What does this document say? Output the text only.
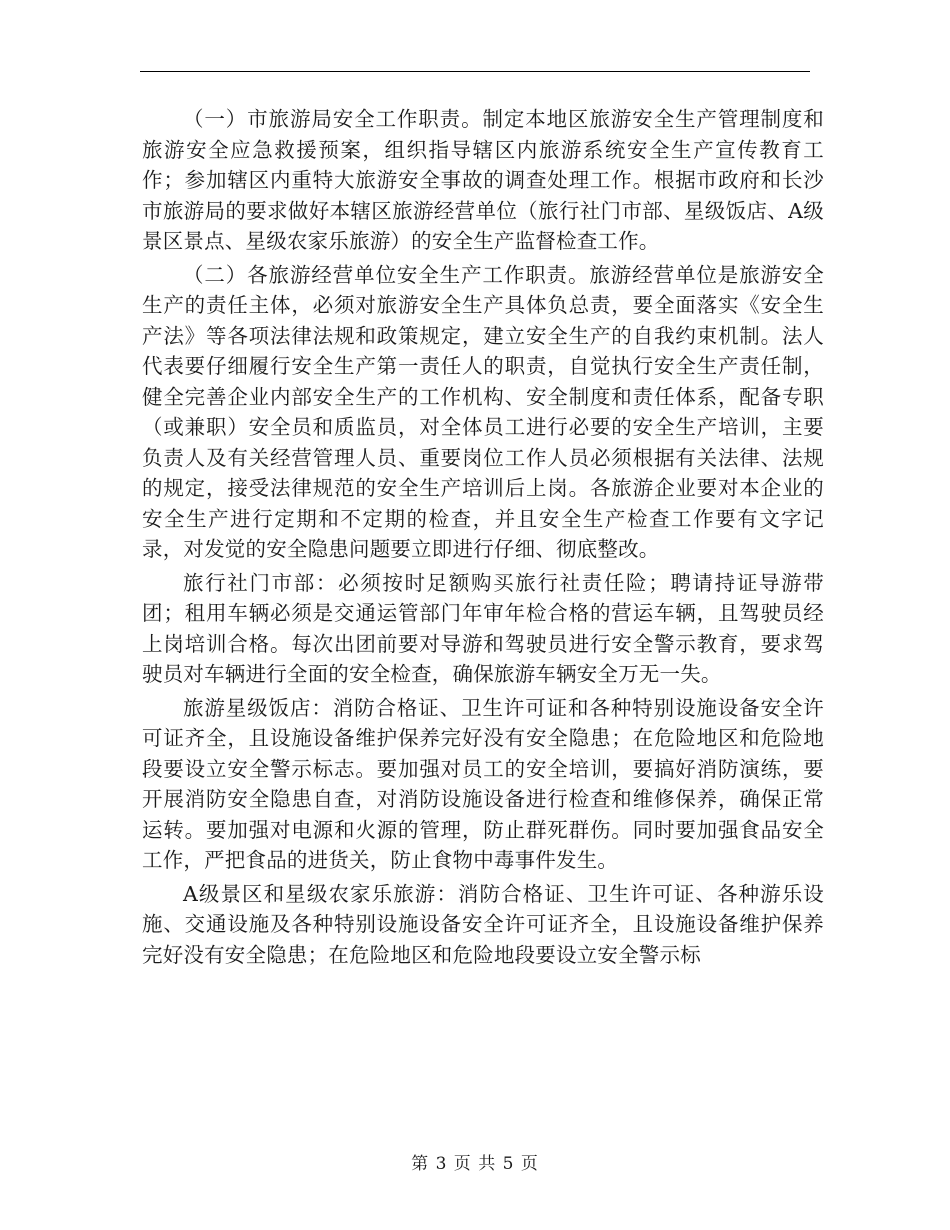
（一）市旅游局安全工作职责。制定本地区旅游安全生产管理制度和旅游安全应急救援预案，组织指导辖区内旅游系统安全生产宣传教育工作；参加辖区内重特大旅游安全事故的调查处理工作。根据市政府和长沙市旅游局的要求做好本辖区旅游经营单位（旅行社门市部、星级饭店、A级景区景点、星级农家乐旅游）的安全生产监督检查工作。

（二）各旅游经营单位安全生产工作职责。旅游经营单位是旅游安全生产的责任主体，必须对旅游安全生产具体负总责，要全面落实《安全生产法》等各项法律法规和政策规定，建立安全生产的自我约束机制。法人代表要仔细履行安全生产第一责任人的职责，自觉执行安全生产责任制，健全完善企业内部安全生产的工作机构、安全制度和责任体系，配备专职（或兼职）安全员和质监员，对全体员工进行必要的安全生产培训，主要负责人及有关经营管理人员、重要岗位工作人员必须根据有关法律、法规的规定，接受法律规范的安全生产培训后上岗。各旅游企业要对本企业的安全生产进行定期和不定期的检查，并且安全生产检查工作要有文字记录，对发觉的安全隐患问题要立即进行仔细、彻底整改。

旅行社门市部：必须按时足额购买旅行社责任险；聘请持证导游带团；租用车辆必须是交通运管部门年审年检合格的营运车辆，且驾驶员经上岗培训合格。每次出团前要对导游和驾驶员进行安全警示教育，要求驾驶员对车辆进行全面的安全检查，确保旅游车辆安全万无一失。

旅游星级饭店：消防合格证、卫生许可证和各种特别设施设备安全许可证齐全，且设施设备维护保养完好没有安全隐患；在危险地区和危险地段要设立安全警示标志。要加强对员工的安全培训，要搞好消防演练，要开展消防安全隐患自查，对消防设施设备进行检查和维修保养，确保正常运转。要加强对电源和火源的管理，防止群死群伤。同时要加强食品安全工作，严把食品的进货关，防止食物中毒事件发生。

A级景区和星级农家乐旅游：消防合格证、卫生许可证、各种游乐设施、交通设施及各种特别设施设备安全许可证齐全，且设施设备维护保养完好没有安全隐患；在危险地区和危险地段要设立安全警示标

第 3 页 共 5 页
